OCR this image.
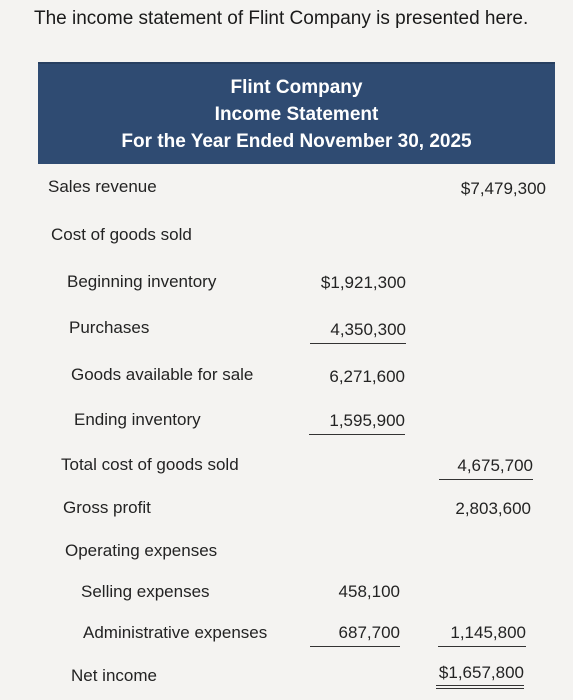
The income statement of Flint Company is presented here.
Flint Company
Income Statement
For the Year Ended November 30, 2025
Sales revenue	$7,479,300
Cost of goods sold
Beginning inventory	$1,921,300
Purchases	4,350,300
Goods available for sale	6,271,600
Ending inventory	1,595,900
Total cost of goods sold	4,675,700
Gross profit	2,803,600
Operating expenses
Selling expenses	458,100
Administrative expenses	687,700	1,145,800
Net income	$1,657,800
